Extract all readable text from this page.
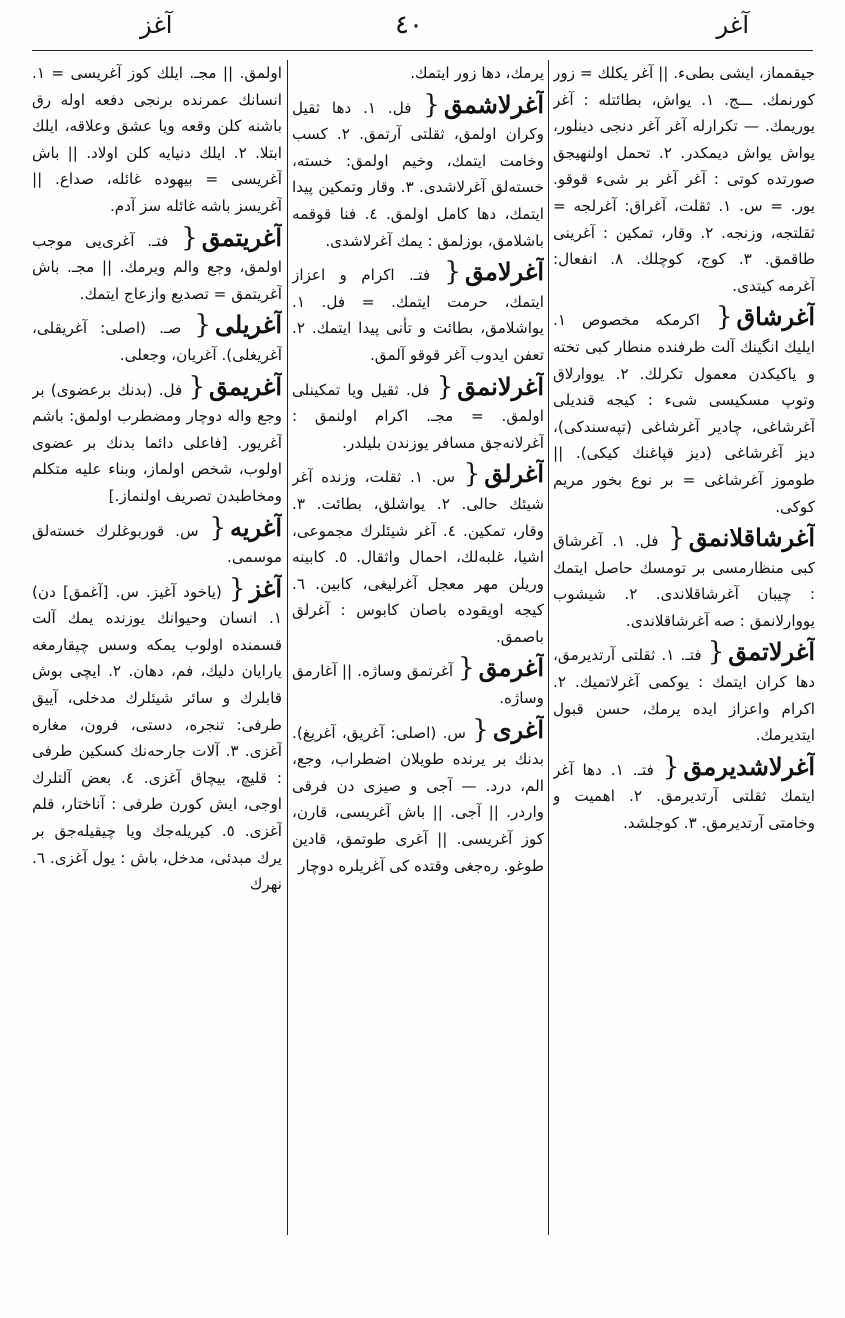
آغر
٤٠
آغز

جیقمماز، ایشی بطیء. || آغر یکلك = زور کورنمك. ـــج. ١. یواش، بطائتله : آغر یوریمك. — تکرارله آغر آغر دنجی دینلور، یواش یواش دیمکدر. ٢. تحمل اولنهیجق صورتده کوتی : آغر آغر بر شیء قوقو. یور. = س. ١. ثقلت، آغراق: آغرلجه = ثقلتجه، وزنجه. ٢. وقار، تمکین : آغرینی طاقمق. ٣. کوج، کوچلك. ۸. انفعال: آغرمه کیتدی.

آغرشاق{ اکرمکه مخصوص ١. ایلیك انگینك آلت طرفنده منطار کبی تخته و یاکیکدن معمول تکرلك. ٢. یووارلاق وتوپ مسکیسی شیء : کیجه قندیلی آغرشاغی، چادیر آغرشاغی (تپه‌سندکی)، دیز آغرشاغی (دیز قپاغنك کیکی). || طوموز آغرشاغی = بر نوع بخور مریم کوکی.

آغرشاقلانمق{ فل. ١. آغرشاق کبی منظارمسی بر تومسك حاصل ایتمك : چیبان آغرشاقلاندی. ٢. شیشوب یووارلانمق : صه آغرشاقلاندی.

آغرلاتمق{ فتـ. ١. ثقلتی آرتدیرمق، دها کران ایتمك : یوکمی آغرلاتمیك. ٢. اکرام واعزاز ایده یرمك، حسن قبول ایتدیرمك.

آغرلاشدیرمق{ فتـ. ١. دها آغر ایتمك ثقلتی آرتدیرمق. ٢. اهمیت و وخامتی آرتدیرمق. ٣. کوجلشد.

یرمك، دها زور ایتمك.

آغرلاشمق{ فل. ١. دها ثقیل وکران اولمق، ثقلتی آرتمق. ٢. کسب وخامت ایتمك، وخیم اولمق: خسته، خسته‌لق آغرلاشدی. ٣. وقار وتمکین پیدا ایتمك، دها کامل اولمق. ٤. فنا قوقمه باشلامق، بوزلمق : یمك آغرلاشدی.

آغرلامق{ فتـ. اکرام و اعزاز ایتمك، حرمت ایتمك. = فل. ١. یواشلامق، بطائت و تأنی پیدا ایتمك. ٢. تعفن ایدوب آغر قوقو آلمق.

آغرلانمق{ فل. ثقیل ویا تمکینلی اولمق. = مجـ. اکرام اولنمق : آغرلانه‌جق مسافر یوزندن بلیلدر.

آغرلق{ س. ١. ثقلت، وزنده آغر شیئك حالی. ٢. یواشلق، بطائت. ٣. وقار، تمکین. ٤. آغر شیئلرك مجموعی، اشیا، غلبه‌لك، احمال واثقال. ٥. کابینه وریلن مهر معجل آغرلیغی، کابین. ٦. کیجه اویقوده باصان کابوس : آغرلق باصمق.

آغرمق{ آغرتمق وساژه. || آغارمق وساژه.

آغری{ س. (اصلی: آغریق، آغریغ). بدنك بر یرنده طویلان اضطراب، وجع، الم، درد. — آجی و صیزی دن فرقی واردر. || آجی. || باش آغریسی، قارن، کوز آغریسی. || آغری طوتمق، قادین طوغو. ره‌جغی وقتده کی آغریلره دوچار

اولمق. || مجـ. ایلك کوز آغریسی = ١. انسانك عمرنده برنجی دفعه اوله رق باشنه کلن وقعه ویا عشق وعلاقه، ایلك ابتلا. ٢. ایلك دنیایه کلن اولاد. || باش آغریسی = بیهوده غائله، صداع. || آغریسز باشه غائله سز آدم.

آغریتمق{ فتـ. آغری‌یی موجب اولمق، وجع والم ویرمك. || مجـ. باش آغریتمق = تصدیع وازعاج ایتمك.

آغریلی{ صـ. (اصلی: آغریقلی، آغریغلی). آغریان، وجعلی.

آغریمق{ فل. (بدنك برعضوی) بر وجع واله دوچار ومضطرب اولمق: باشم آغریور. [فاعلی دائما بدنك بر عضوی اولوب، شخص اولماز، وبناء علیه متکلم ومخاطبدن تصریف اولنماز.]

آغریه{ س. قوربوغلرك خسته‌لق موسمی.

آغز{ (یاخود آغیز. س. [آغمق] دن) ١. انسان وحیوانك یوزنده یمك آلت قسمنده اولوب یمکه وسس چیقارمغه یارایان دلیك، فم، دهان. ٢. ایچی بوش قابلرك و سائر شیئلرك مدخلی، آییق طرفی: تنجره، دستی، فرون، مغاره آغزی. ٣. آلات جارحه‌نك کسکین طرفی : قلیچ، بیچاق آغزی. ٤. بعض آلتلرك اوجی، ایش کورن طرفی : آناختار، قلم آغزی. ٥. کیریله‌جك ویا چیقیله‌جق بر یرك مبدئی، مدخل، باش : یول آغزی. ٦. نهرك
